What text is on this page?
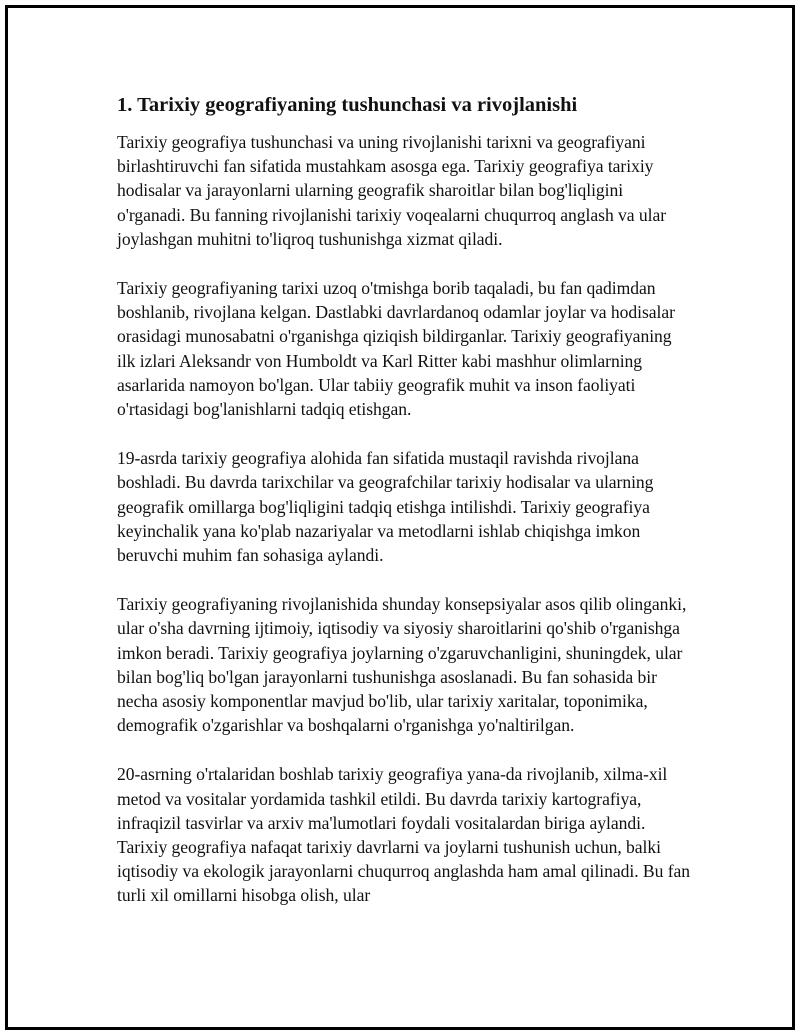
1. Tarixiy geografiyaning tushunchasi va rivojlanishi

Tarixiy geografiya tushunchasi va uning rivojlanishi tarixni va geografiyani birlashtiruvchi fan sifatida mustahkam asosga ega. Tarixiy geografiya tarixiy hodisalar va jarayonlarni ularning geografik sharoitlar bilan bog'liqligini o'rganadi. Bu fanning rivojlanishi tarixiy voqealarni chuqurroq anglash va ular joylashgan muhitni to'liqroq tushunishga xizmat qiladi.

Tarixiy geografiyaning tarixi uzoq o'tmishga borib taqaladi, bu fan qadimdan boshlanib, rivojlana kelgan. Dastlabki davrlardanoq odamlar joylar va hodisalar orasidagi munosabatni o'rganishga qiziqish bildirganlar. Tarixiy geografiyaning ilk izlari Aleksandr von Humboldt va Karl Ritter kabi mashhur olimlarning asarlarida namoyon bo'lgan. Ular tabiiy geografik muhit va inson faoliyati o'rtasidagi bog'lanishlarni tadqiq etishgan.

19-asrda tarixiy geografiya alohida fan sifatida mustaqil ravishda rivojlana boshladi. Bu davrda tarixchilar va geografchilar tarixiy hodisalar va ularning geografik omillarga bog'liqligini tadqiq etishga intilishdi. Tarixiy geografiya keyinchalik yana ko'plab nazariyalar va metodlarni ishlab chiqishga imkon beruvchi muhim fan sohasiga aylandi.

Tarixiy geografiyaning rivojlanishida shunday konsepsiyalar asos qilib olinganki, ular o'sha davrning ijtimoiy, iqtisodiy va siyosiy sharoitlarini qo'shib o'rganishga imkon beradi. Tarixiy geografiya joylarning o'zgaruvchanligini, shuningdek, ular bilan bog'liq bo'lgan jarayonlarni tushunishga asoslanadi. Bu fan sohasida bir necha asosiy komponentlar mavjud bo'lib, ular tarixiy xaritalar, toponimika, demografik o'zgarishlar va boshqalarni o'rganishga yo'naltirilgan.

20-asrning o'rtalaridan boshlab tarixiy geografiya yana-da rivojlanib, xilma-xil metod va vositalar yordamida tashkil etildi. Bu davrda tarixiy kartografiya, infraqizil tasvirlar va arxiv ma'lumotlari foydali vositalardan biriga aylandi. Tarixiy geografiya nafaqat tarixiy davrlarni va joylarni tushunish uchun, balki iqtisodiy va ekologik jarayonlarni chuqurroq anglashda ham amal qilinadi. Bu fan turli xil omillarni hisobga olish, ular
